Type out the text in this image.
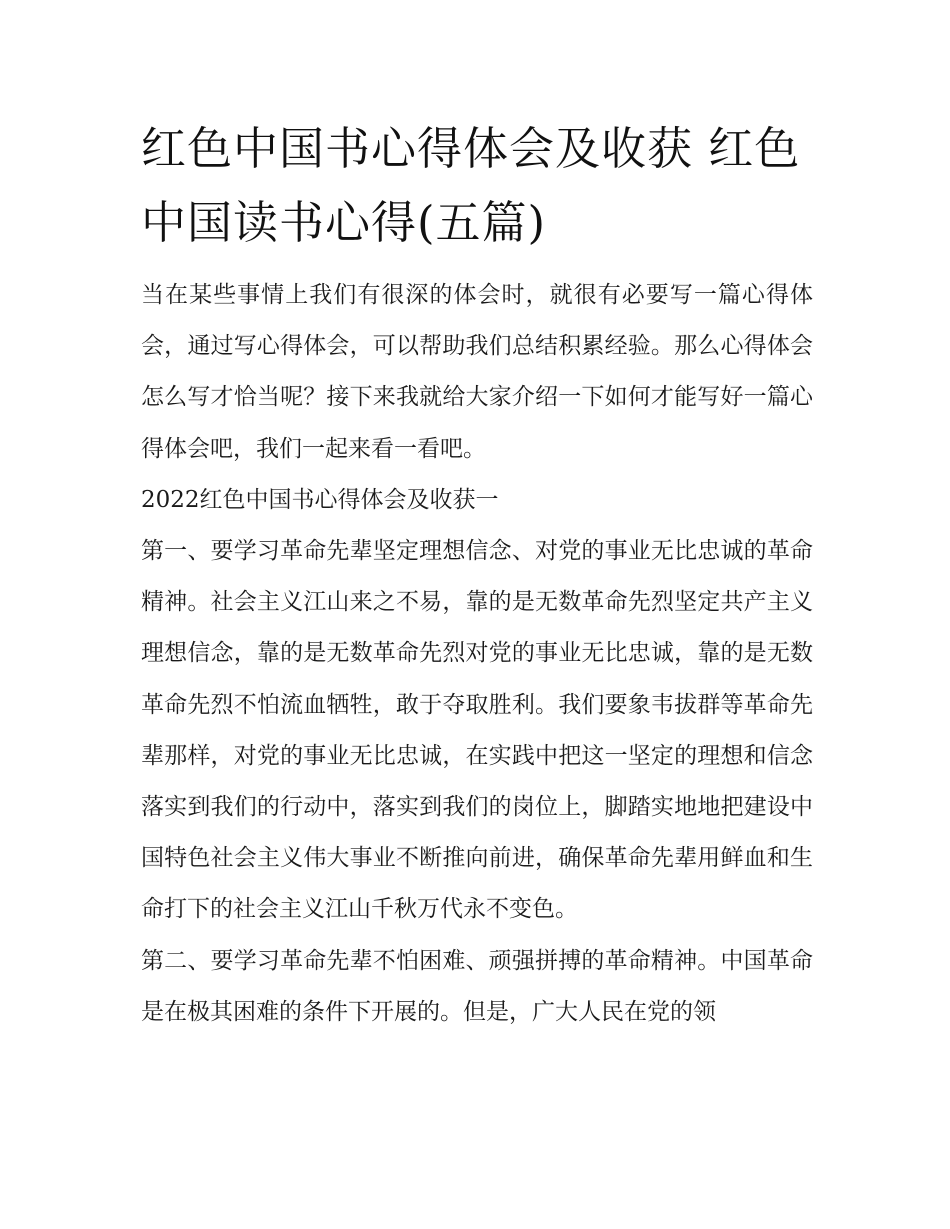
红色中国书心得体会及收获 红色中国读书心得(五篇)

当在某些事情上我们有很深的体会时，就很有必要写一篇心得体会，通过写心得体会，可以帮助我们总结积累经验。那么心得体会怎么写才恰当呢？接下来我就给大家介绍一下如何才能写好一篇心得体会吧，我们一起来看一看吧。

2022红色中国书心得体会及收获一

第一、要学习革命先辈坚定理想信念、对党的事业无比忠诚的革命精神。社会主义江山来之不易，靠的是无数革命先烈坚定共产主义理想信念，靠的是无数革命先烈对党的事业无比忠诚，靠的是无数革命先烈不怕流血牺牲，敢于夺取胜利。我们要象韦拔群等革命先辈那样，对党的事业无比忠诚，在实践中把这一坚定的理想和信念落实到我们的行动中，落实到我们的岗位上，脚踏实地地把建设中国特色社会主义伟大事业不断推向前进，确保革命先辈用鲜血和生命打下的社会主义江山千秋万代永不变色。

第二、要学习革命先辈不怕困难、顽强拼搏的革命精神。中国革命是在极其困难的条件下开展的。但是，广大人民在党的领
